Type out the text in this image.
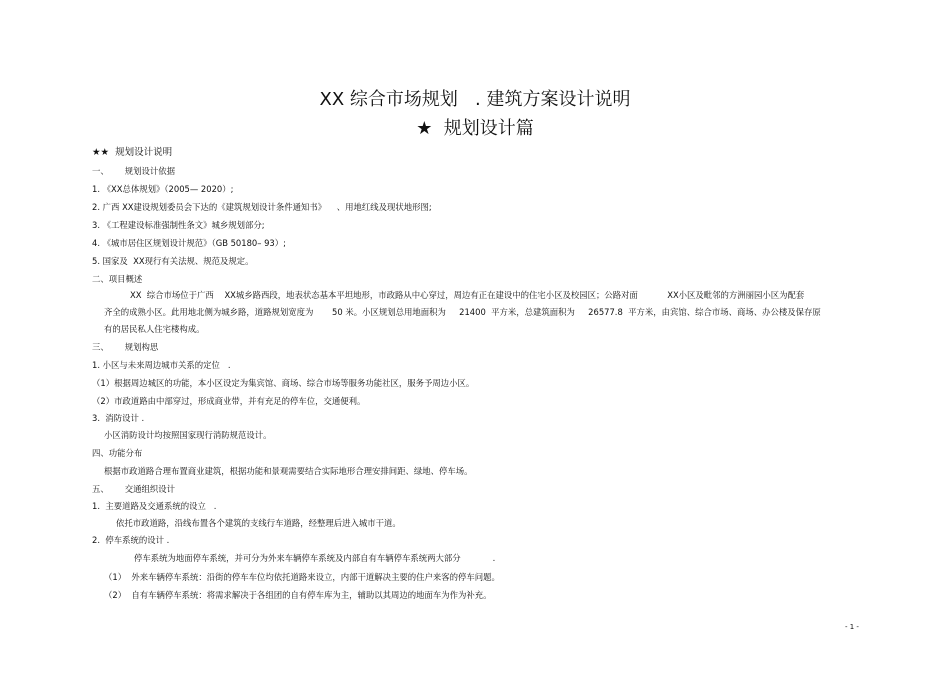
XX 综合市场规划   . 建筑方案设计说明
★  规划设计篇
★★  规划设计说明
一、      规划设计依据
1. 《XX总体规划》（2005— 2020）;
2. 广西 XX建设规划委员会下达的《建筑规划设计条件通知书》    、用地红线及现状地形图;
3. 《工程建设标准强制性条文》城乡规划部分;
4. 《城市居住区规划设计规范》（GB 50180– 93）;
5. 国家及  XX现行有关法规、规范及规定。
二、项目概述
XX  综合市场位于广西    XX城乡路西段，地表状态基本平坦地形，市政路从中心穿过，周边有正在建设中的住宅小区及校园区；公路对面           XX小区及毗邻的方洲丽园小区为配套
齐全的成熟小区。此用地北侧为城乡路，道路规划宽度为       50 米。小区规划总用地面积为     21400  平方米，总建筑面积为     26577.8  平方米，由宾馆、综合市场、商场、办公楼及保存原
有的居民私人住宅楼构成。
三、      规划构思
1. 小区与未来周边城市关系的定位   .
（1）根据周边城区的功能，本小区设定为集宾馆、商场、综合市场等服务功能社区，服务予周边小区。
（2）市政道路由中部穿过，形成商业带，并有充足的停车位，交通便利。
3.  消防设计 .
小区消防设计均按照国家现行消防规范设计。
四、功能分布
根据市政道路合理布置商业建筑，根据功能和景观需要结合实际地形合理安排间距、绿地、停车场。
五、      交通组织设计
1.  主要道路及交通系统的设立   .
依托市政道路，沿线布置各个建筑的支线行车道路，经整理后进入城市干道。
2.  停车系统的设计 .
停车系统为地面停车系统，并可分为外来车辆停车系统及内部自有车辆停车系统两大部分            .
（1）  外来车辆停车系统：沿街的停车车位均依托道路来设立，内部干道解决主要的住户来客的停车问题。
（2）  自有车辆停车系统：将需求解决于各组团的自有停车库为主，辅助以其周边的地面车为作为补充。
- 1 -
